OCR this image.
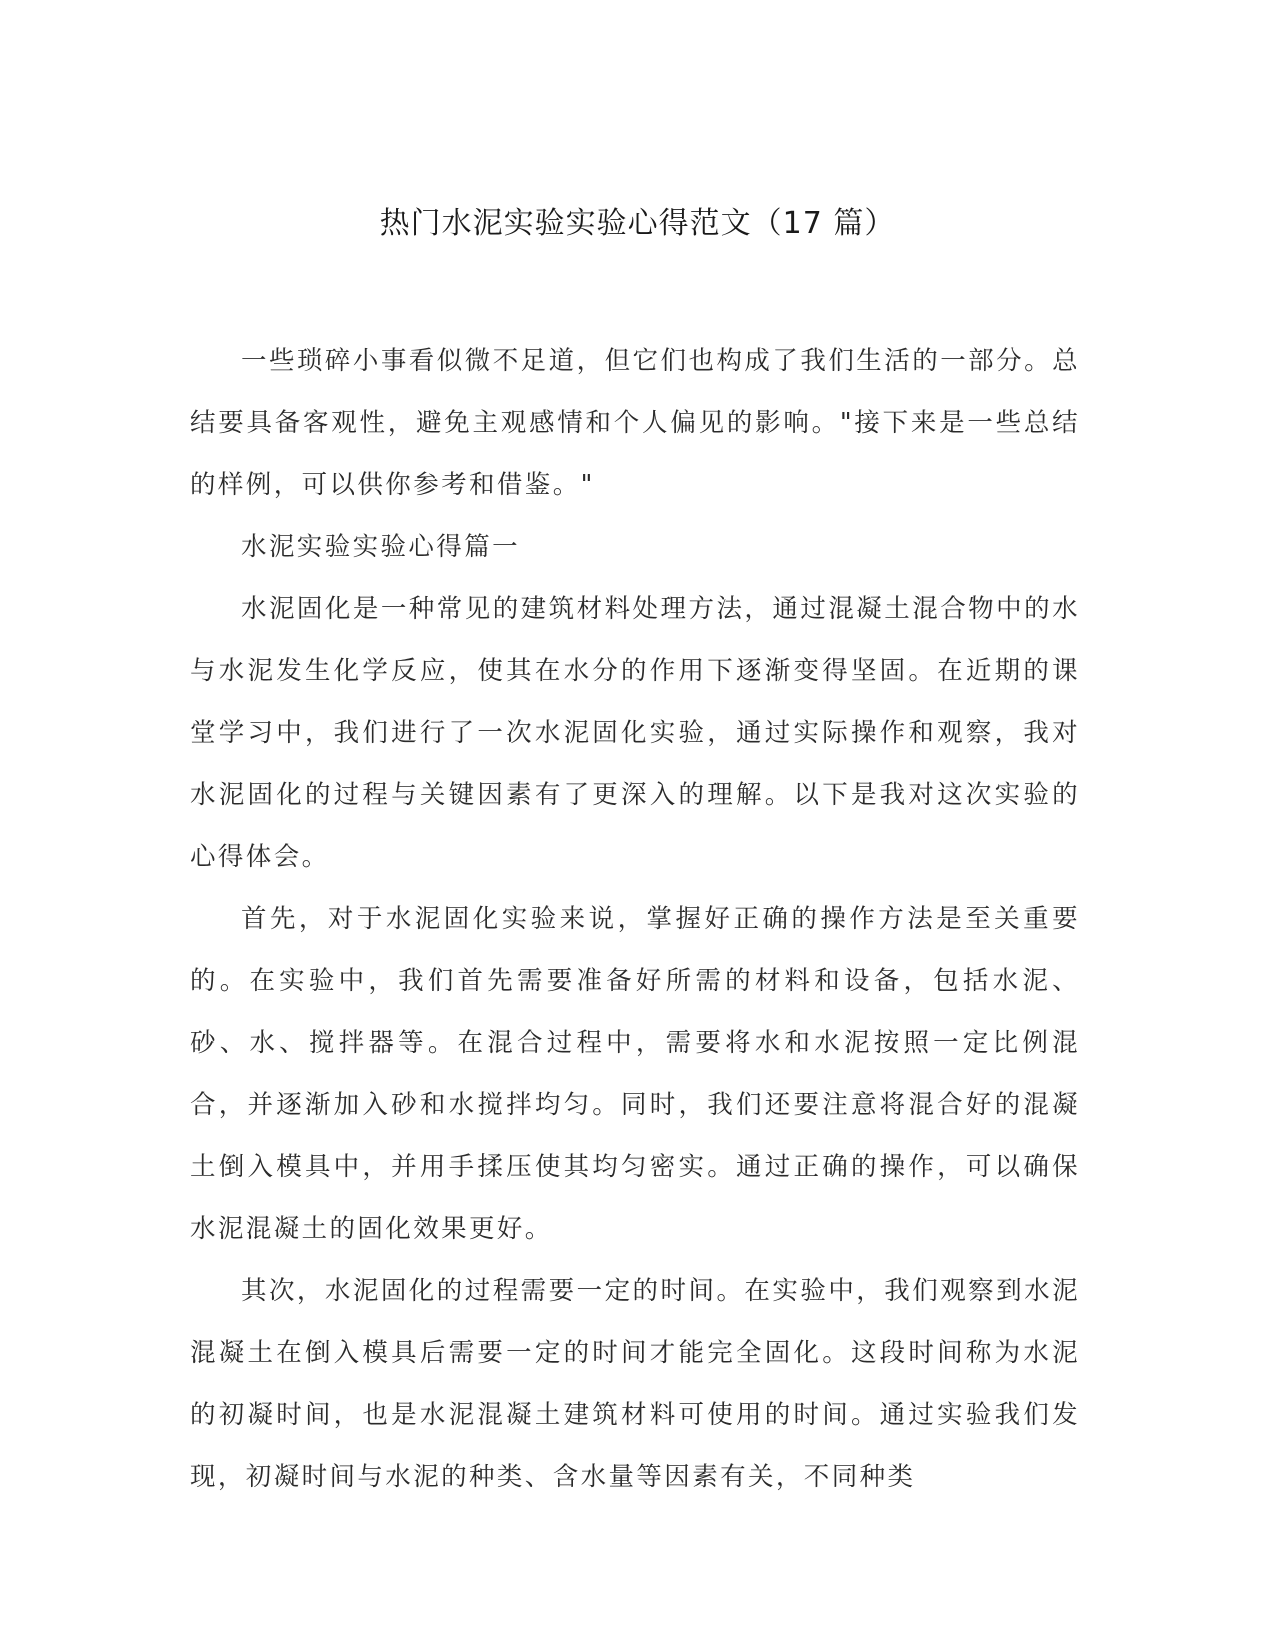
热门水泥实验实验心得范文（17 篇）

一些琐碎小事看似微不足道，但它们也构成了我们生活的一部分。总结要具备客观性，避免主观感情和个人偏见的影响。"接下来是一些总结的样例，可以供你参考和借鉴。"

水泥实验实验心得篇一

水泥固化是一种常见的建筑材料处理方法，通过混凝土混合物中的水与水泥发生化学反应，使其在水分的作用下逐渐变得坚固。在近期的课堂学习中，我们进行了一次水泥固化实验，通过实际操作和观察，我对水泥固化的过程与关键因素有了更深入的理解。以下是我对这次实验的心得体会。

首先，对于水泥固化实验来说，掌握好正确的操作方法是至关重要的。在实验中，我们首先需要准备好所需的材料和设备，包括水泥、砂、水、搅拌器等。在混合过程中，需要将水和水泥按照一定比例混合，并逐渐加入砂和水搅拌均匀。同时，我们还要注意将混合好的混凝土倒入模具中，并用手揉压使其均匀密实。通过正确的操作，可以确保水泥混凝土的固化效果更好。

其次，水泥固化的过程需要一定的时间。在实验中，我们观察到水泥混凝土在倒入模具后需要一定的时间才能完全固化。这段时间称为水泥的初凝时间，也是水泥混凝土建筑材料可使用的时间。通过实验我们发现，初凝时间与水泥的种类、含水量等因素有关，不同种类
